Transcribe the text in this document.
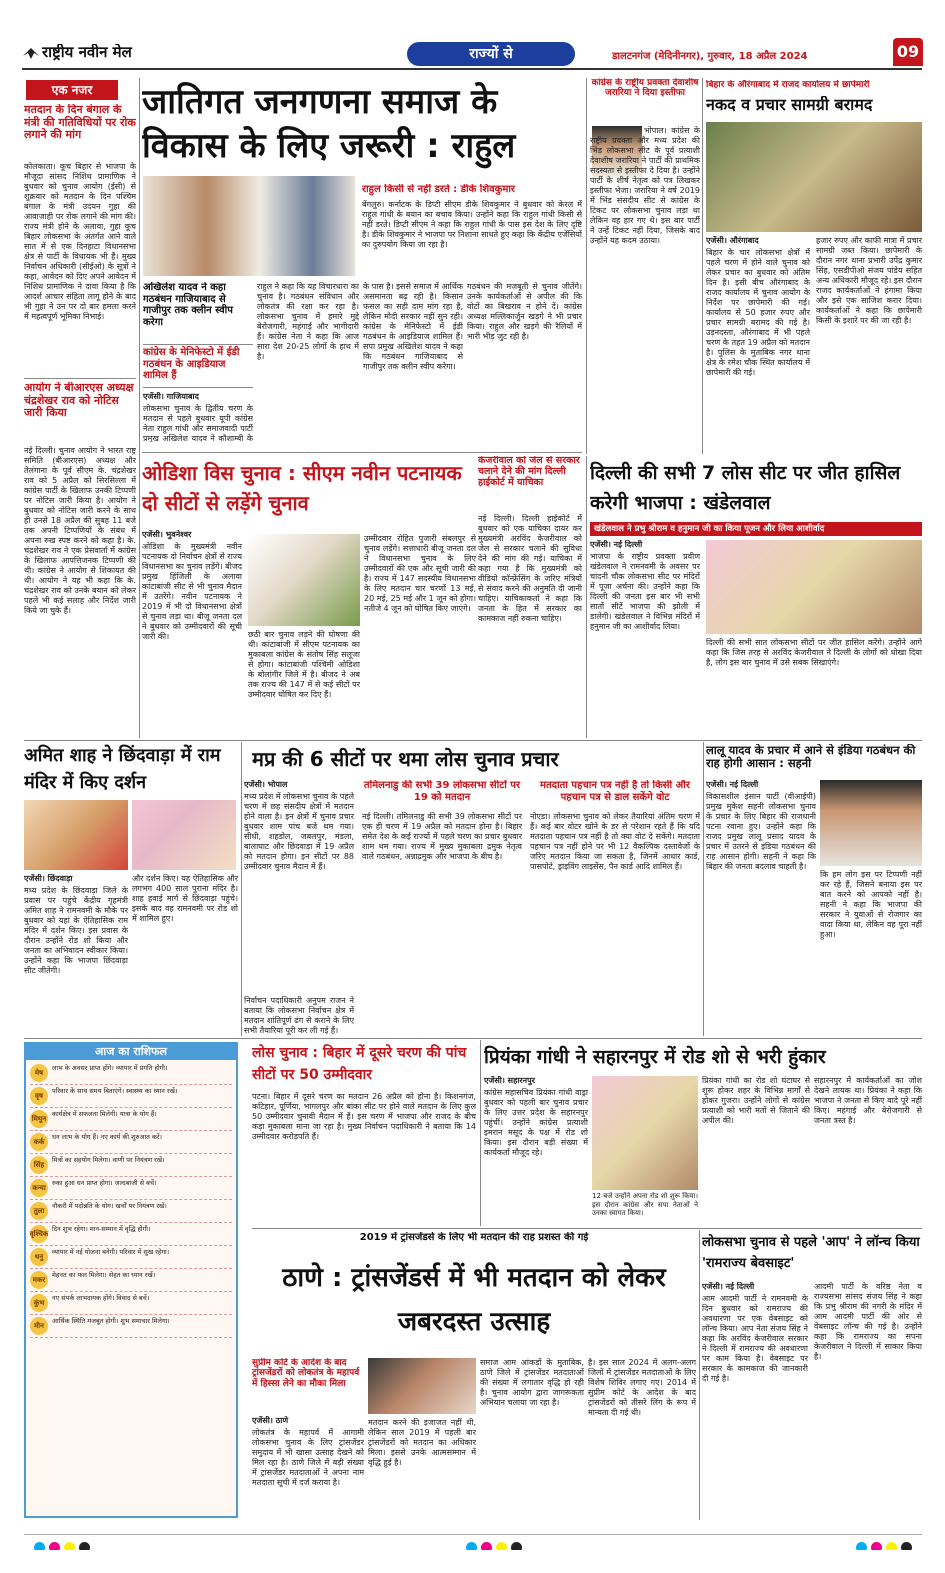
राष्ट्रीय नवीन मेल	राज्यों से	डालटनगंज (मेदिनीनगर), गुरुवार, 18 अप्रैल 2024	09
एक नजर
मतदान के दिन बंगाल के मंत्री की गतिविधियों पर रोक लगाने की मांग
कोलकाता। कूच बिहार से भाजपा के मौजूदा सांसद निशिथ प्रामाणिक ने बुधवार को चुनाव आयोग (ईसी) से शुक्रवार को मतदान के दिन पश्चिम बंगाल के मंत्री उदयन गुहा की आवाजाही पर रोक लगाने की मांग की। राज्य मंत्री होने के अलावा, गुहा कूच बिहार लोकसभा के अंतर्गत आने वाले सात में से एक दिनहाटा विधानसभा क्षेत्र से पार्टी के विधायक भी हैं। मुख्य निर्वाचन अधिकारी (सीईओ) के सूत्रों ने कहा, आवेदन को दिए अपने आवेदन में निशिथ प्रामाणिक ने दावा किया है कि आदर्श आचार संहिता लागू होने के बाद भी गुहा ने उन पर दो बार हमला करने में महत्वपूर्ण भूमिका निभाई।
आयोग ने बीआरएस अध्यक्ष चंद्रशेखर राव को नोटिस जारी किया
नई दिल्ली। चुनाव आयोग ने भारत राष्ट्र समिति (बीआरएस) अध्यक्ष और तेलंगाना के पूर्व सीएम के. चंद्रशेखर राव को 5 अप्रैल को सिरसिल्ला में कांग्रेस पार्टी के खिलाफ उनकी टिप्पणी पर नोटिस जारी किया है। आयोग ने बुधवार को नोटिस जारी करने के साथ ही उनसे 18 अप्रैल की सुबह 11 बजे तक अपनी टिप्पणियों के संबंध में अपना रुख स्पष्ट करने को कहा है। के. चंद्रशेखर राव ने एक प्रेसवार्ता में कांग्रेस के खिलाफ आपत्तिजनक टिप्पणी की थी। कांग्रेस ने आयोग से शिकायत की थी। आयोग ने यह भी कहा कि के. चंद्रशेखर राव को उनके बयान को लेकर पहले भी कई सलाह और निर्देश जारी किये जा चुके हैं।
जातिगत जनगणना समाज के विकास के लिए जरूरी : राहुल
अखिलेश यादव ने कहा गठबंधन गाजियाबाद से गाजीपुर तक क्लीन स्वीप करेगा
कांग्रेस के मेनिफेस्टो में ईडी गठबंधन के आइडियाज शामिल हैं
एजेंसी। गाजियाबाद
लोकसभा चुनाव के द्वितीय चरण के मतदान से पहले बुधवार यूपी कांग्रेस नेता राहुल गांधी और समाजवादी पार्टी प्रमुख अखिलेश यादव ने कौशाम्बी के
राहुल ने कहा कि यह विचारधारा का चुनाव है। गठबंधन संविधान और लोकतंत्र की रक्षा कर रहा है। लोकसभा चुनाव में हमारे मुद्दे बेरोजगारी, महंगाई और भागीदारी हैं। कांग्रेस नेता ने कहा कि आज सारा देश 20-25 लोगों के हाथ में है।
के पास है। इससे समाज में आर्थिक असमानता बढ़ रही है। किसान फसल का सही दाम मांग रहा है, लेकिन मोदी सरकार नहीं सुन रही। कांग्रेस के मेनिफेस्टो में ईडी गठबंधन के आइडियाज शामिल हैं। सपा प्रमुख अखिलेश यादव ने कहा कि गठबंधन गाजियाबाद से गाजीपुर तक क्लीन स्वीप करेगा।
राहुल किसी से नहीं डरते : डीके शिवकुमार
बेंगलुरु। कर्नाटक के डिप्टी सीएम डीके शिवकुमार ने बुधवार को केरल में राहुल गांधी के बयान का बचाव किया। उन्होंने कहा कि राहुल गांधी किसी से नहीं डरते। डिप्टी सीएम ने कहा कि राहुल गांधी के पास इस देश के लिए दृष्टि है। डीके शिवकुमार ने भाजपा पर निशाना साधते हुए कहा कि केंद्रीय एजेंसियों का दुरुपयोग किया जा रहा है।
गठबंधन की मजबूती से चुनाव जीतेंगे। उनके कार्यकर्ताओं से अपील की कि वोटों का बिखराव न होने दें। कांग्रेस अध्यक्ष मल्लिकार्जुन खड़गे ने भी प्रचार किया। राहुल और खड़गे की रैलियों में भारी भीड़ जुट रही है।
कांग्रेस के राष्ट्रीय प्रवक्ता देवाशीष जरारिया ने दिया इस्तीफा
भोपाल। कांग्रेस के राष्ट्रीय प्रवक्ता और मध्य प्रदेश की भिंड लोकसभा सीट के पूर्व प्रत्याशी देवाशीष जरारिया ने पार्टी की प्राथमिक सदस्यता से इस्तीफा दे दिया है। उन्होंने पार्टी के शीर्ष नेतृत्व को पत्र लिखकर इस्तीफा भेजा। जरारिया ने वर्ष 2019 में भिंड संसदीय सीट से कांग्रेस के टिकट पर लोकसभा चुनाव लड़ा था लेकिन वह हार गए थे। इस बार पार्टी ने उन्हें टिकट नहीं दिया, जिसके बाद उन्होंने यह कदम उठाया।
बिहार के औरंगाबाद में राजद कार्यालय में छापेमारी
नकद व प्रचार सामग्री बरामद
एजेंसी। औरंगाबाद
बिहार के चार लोकसभा क्षेत्रों में पहले चरण में होने वाले चुनाव को लेकर प्रचार का बुधवार को अंतिम दिन है। इसी बीच औरंगाबाद के राजद कार्यालय में चुनाव आयोग के निर्देश पर छापेमारी की गई। कार्यालय से 50 हजार रुपए और प्रचार सामग्री बरामद की गई है। उड़नदस्ता, औरंगाबाद में भी पहले चरण के तहत 19 अप्रैल को मतदान है। पुलिस के मुताबिक नगर थाना क्षेत्र के रमेश चौक स्थित कार्यालय में छापेमारी की गई।
हजार रुपए और काफी मात्रा में प्रचार सामग्री जब्त किया। छापेमारी के दौरान नगर थाना प्रभारी उपेंद्र कुमार सिंह, एसडीपीओ संजय पांडेय सहित अन्य अधिकारी मौजूद रहे। इस दौरान राजद कार्यकर्ताओं ने हंगामा किया और इसे एक साजिश करार दिया। कार्यकर्ताओं ने कहा कि छापेमारी किसी के इशारे पर की जा रही है।
ओडिशा विस चुनाव : सीएम नवीन पटनायक दो सीटों से लड़ेंगे चुनाव
एजेंसी। भुवनेश्वर
ओडिशा के मुख्यमंत्री नवीन पटनायक दो निर्वाचन क्षेत्रों से राज्य विधानसभा का चुनाव लड़ेंगे। बीजद प्रमुख हिंजिली के अलावा कांटाबांजी सीट से भी चुनाव मैदान में उतरेंगे। नवीन पटनायक ने 2019 में भी दो विधानसभा क्षेत्रों से चुनाव लड़ा था। बीजू जनता दल ने बुधवार को उम्मीदवारों की सूची जारी की।	छठी बार चुनाव लड़ने की घोषणा की थी। कांटाबांजी में सीएम पटनायक का मुकाबला कांग्रेस के संतोष सिंह सलूजा से होगा। कांटाबांजी पश्चिमी ओडिशा के बोलांगीर जिले में है। बीजद ने अब तक राज्य की 147 में से कई सीटों पर उम्मीदवार घोषित कर दिए हैं।
उम्मीदवार रोहित पुजारी संबलपुर से चुनाव लड़ेंगे। सत्ताधारी बीजू जनता दल ने विधानसभा चुनाव के लिए उम्मीदवारों की एक और सूची जारी की है। राज्य में 147 सदस्यीय विधानसभा के लिए मतदान चार चरणों 13 मई, 20 मई, 25 मई और 1 जून को होगा। नतीजे 4 जून को घोषित किए जाएंगे।
केजरीवाल को जेल से सरकार चलाने देने की मांग दिल्ली हाईकोर्ट में याचिका
नई दिल्ली। दिल्ली हाईकोर्ट में बुधवार को एक याचिका दायर कर मुख्यमंत्री अरविंद केजरीवाल को जेल से सरकार चलाने की सुविधा देने की मांग की गई। याचिका में कहा गया है कि मुख्यमंत्री को वीडियो कॉन्फ्रेंसिंग के जरिए मंत्रियों से संवाद करने की अनुमति दी जानी चाहिए। याचिकाकर्ता ने कहा कि जनता के हित में सरकार का कामकाज नहीं रुकना चाहिए।
दिल्ली की सभी 7 लोस सीट पर जीत हासिल करेगी भाजपा : खंडेलवाल
खंडेलवाल ने प्रभु श्रीराम व हनुमान जी का किया पूजन और लिया आशीर्वाद
एजेंसी। नई दिल्ली
भाजपा के राष्ट्रीय प्रवक्ता प्रवीण खंडेलवाल ने रामनवमी के अवसर पर चांदनी चौक लोकसभा सीट पर मंदिरों में पूजा अर्चना की। उन्होंने कहा कि दिल्ली की जनता इस बार भी सभी सातों सीटें भाजपा की झोली में डालेगी। खंडेलवाल ने विभिन्न मंदिरों में हनुमान जी का आशीर्वाद लिया।
दिल्ली की सभी सात लोकसभा सीटों पर जीत हासिल करेंगे। उन्होंने आगे कहा कि जिस तरह से अरविंद केजरीवाल ने दिल्ली के लोगों को धोखा दिया है, लोग इस बार चुनाव में उसे सबक सिखाएंगे।
अमित शाह ने छिंदवाड़ा में राम मंदिर में किए दर्शन
एजेंसी। छिंदवाड़ा
मध्य प्रदेश के छिंदवाड़ा जिले के प्रवास पर पहुंचे केंद्रीय गृहमंत्री अमित शाह ने रामनवमी के मौके पर बुधवार को यहां के ऐतिहासिक राम मंदिर में दर्शन किए। इस प्रवास के दौरान उन्होंने रोड शो किया और जनता का अभिवादन स्वीकार किया। उन्होंने कहा कि भाजपा छिंदवाड़ा सीट जीतेगी।
और दर्शन किए। यह ऐतिहासिक और लगभग 400 साल पुराना मंदिर है। शाह हवाई मार्ग से छिंदवाड़ा पहुंचे। इसके बाद वह रामनवमी पर रोड शो में शामिल हुए।
मप्र की 6 सीटों पर थमा लोस चुनाव प्रचार
एजेंसी। भोपाल
मध्य प्रदेश में लोकसभा चुनाव के पहले चरण में छह संसदीय क्षेत्रों में मतदान होने वाला है। इन क्षेत्रों में चुनाव प्रचार बुधवार शाम पांच बजे थम गया। सीधी, शहडोल, जबलपुर, मंडला, बालाघाट और छिंदवाड़ा में 19 अप्रैल को मतदान होगा। इन सीटों पर 88 उम्मीदवार चुनाव मैदान में हैं।
निर्वाचन पदाधिकारी अनुपम राजन ने बताया कि लोकसभा निर्वाचन क्षेत्र में मतदान शांतिपूर्ण ढंग से कराने के लिए सभी तैयारियां पूरी कर ली गई हैं।
तमिलनाडु की सभी 39 लोकसभा सीटों पर 19 को मतदान
नई दिल्ली। तमिलनाडु की सभी 39 लोकसभा सीटों पर एक ही चरण में 19 अप्रैल को मतदान होना है। बिहार समेत देश के कई राज्यों में पहले चरण का प्रचार बुधवार शाम थम गया। राज्य में मुख्य मुकाबला द्रमुक नेतृत्व वाले गठबंधन, अन्नाद्रमुक और भाजपा के बीच है।
मतदाता पहचान पत्र नहीं है तो किसी और पहचान पत्र से डाल सकेंगे वोट
नोएडा। लोकसभा चुनाव को लेकर तैयारियां अंतिम चरण में हैं। कई बार वोटर खोने के डर से परेशान रहते हैं कि यदि मतदाता पहचान पत्र नहीं है तो क्या वोट दे सकेंगे। मतदाता पहचान पत्र नहीं होने पर भी 12 वैकल्पिक दस्तावेजों के जरिए मतदान किया जा सकता है, जिनमें आधार कार्ड, पासपोर्ट, ड्राइविंग लाइसेंस, पैन कार्ड आदि शामिल हैं।
लालू यादव के प्रचार में आने से इंडिया गठबंधन की राह होगी आसान : सहनी
एजेंसी। नई दिल्ली
विकासशील इंसान पार्टी (वीआईपी) प्रमुख मुकेश सहनी लोकसभा चुनाव के प्रचार के लिए बिहार की राजधानी पटना रवाना हुए। उन्होंने कहा कि राजद प्रमुख लालू प्रसाद यादव के प्रचार में उतरने से इंडिया गठबंधन की राह आसान होगी। सहनी ने कहा कि बिहार की जनता बदलाव चाहती है।
कि हम लोग इस पर टिप्पणी नहीं कर रहे हैं, जिसने बनाया इस पर बात करने को आपको नहीं है। सहनी ने कहा कि भाजपा की सरकार ने युवाओं से रोजगार का वादा किया था, लेकिन वह पूरा नहीं हुआ।
आज का राशिफल
मेष
लाभ के अवसर प्राप्त होंगे। व्यापार में प्रगति होगी।
वृष
परिवार के साथ समय बिताएंगे। स्वास्थ्य का ध्यान रखें।
मिथुन
कार्यक्षेत्र में सफलता मिलेगी। यात्रा के योग हैं।
कर्क
धन लाभ के योग हैं। नए कार्य की शुरुआत करें।
सिंह
मित्रों का सहयोग मिलेगा। वाणी पर नियंत्रण रखें।
कन्या
रुका हुआ धन प्राप्त होगा। जल्दबाजी से बचें।
तुला
नौकरी में पदोन्नति के योग। खर्चों पर नियंत्रण रखें।
वृश्चिक
दिन शुभ रहेगा। मान-सम्मान में वृद्धि होगी।
धनु
व्यापार में नई योजना बनेगी। परिवार में सुख रहेगा।
मकर
मेहनत का फल मिलेगा। सेहत का ध्यान रखें।
कुंभ
नए संपर्क लाभदायक होंगे। विवाद से बचें।
मीन
आर्थिक स्थिति मजबूत होगी। शुभ समाचार मिलेगा।
लोस चुनाव : बिहार में दूसरे चरण की पांच सीटों पर 50 उम्मीदवार
पटना। बिहार में दूसरे चरण का मतदान 26 अप्रैल को होना है। किशनगंज, कटिहार, पूर्णिया, भागलपुर और बांका सीट पर होने वाले मतदान के लिए कुल 50 उम्मीदवार चुनावी मैदान में हैं। इस चरण में भाजपा और राजद के बीच कड़ा मुकाबला माना जा रहा है। मुख्य निर्वाचन पदाधिकारी ने बताया कि 14 उम्मीदवार करोड़पति हैं।
प्रियंका गांधी ने सहारनपुर में रोड शो से भरी हुंकार
एजेंसी। सहारनपुर
कांग्रेस महासचिव प्रियंका गांधी वाड्रा बुधवार को पहली बार चुनाव प्रचार के लिए उत्तर प्रदेश के सहारनपुर पहुंचीं। उन्होंने कांग्रेस प्रत्याशी इमरान मसूद के पक्ष में रोड शो किया। इस दौरान बड़ी संख्या में कार्यकर्ता मौजूद रहे।
12 बजे उन्होंने अपना रोड शो शुरू किया। इस दौरान कांग्रेस और सपा नेताओं ने उनका स्वागत किया।
प्रियंका गांधी का रोड शो घंटाघर से शुरू होकर शहर के विभिन्न मार्गों से होकर गुजरा। उन्होंने लोगों से कांग्रेस प्रत्याशी को भारी मतों से जिताने की अपील की।
सहारनपुर में कार्यकर्ताओं का जोश देखने लायक था। प्रियंका ने कहा कि भाजपा ने जनता से किए वादे पूरे नहीं किए। महंगाई और बेरोजगारी से जनता त्रस्त है।
2019 में ट्रांसजेंडर्स के लिए भी मतदान की राह प्रशस्त की गई	लोकसभा चुनाव से पहले 'आप' ने लॉन्च किया 'रामराज्य बेवसाइट'
एजेंसी। नई दिल्ली
आम आदमी पार्टी ने रामनवमी के दिन बुधवार को रामराज्य की अवधारणा पर एक वेबसाइट को लॉन्च किया। आप नेता संजय सिंह ने कहा कि अरविंद केजरीवाल सरकार ने दिल्ली में रामराज्य की अवधारणा पर काम किया है। वेबसाइट पर सरकार के कामकाज की जानकारी दी गई है।
आदमी पार्टी के वरिष्ठ नेता व राज्यसभा सांसद संजय सिंह ने कहा कि प्रभु श्रीराम की नगरी के मंदिर में आम आदमी पार्टी की ओर से वेबसाइट लॉन्च की गई है। उन्होंने कहा कि रामराज्य का सपना केजरीवाल ने दिल्ली में साकार किया है।
ठाणे : ट्रांसजेंडर्स में भी मतदान को लेकर जबरदस्त उत्साह
सुप्रीम कोर्ट के आदेश के बाद ट्रांसजेंडरों को लोकतंत्र के महापर्व में हिस्सा लेने का मौका मिला
एजेंसी। ठाणे
लोकतंत्र के महापर्व में आगामी लोकसभा चुनाव के लिए ट्रांसजेंडर समुदाय में भी खासा उत्साह देखने को मिल रहा है। ठाणे जिले में बड़ी संख्या में ट्रांसजेंडर मतदाताओं ने अपना नाम मतदाता सूची में दर्ज कराया है।
मतदान करने की इजाजत नहीं थी, लेकिन साल 2019 में पहली बार ट्रांसजेंडरों को मतदान का अधिकार मिला। इससे उनके आत्मसम्मान में वृद्धि हुई है।
समाज आम आंकड़ों के मुताबिक, ठाणे जिले में ट्रांसजेंडर मतदाताओं की संख्या में लगातार वृद्धि हो रही है। चुनाव आयोग द्वारा जागरूकता अभियान चलाया जा रहा है।
है। इस साल 2024 में अलग-अलग जिलों में ट्रांसजेंडर मतदाताओं के लिए विशेष शिविर लगाए गए। 2014 में सुप्रीम कोर्ट के आदेश के बाद ट्रांसजेंडरों को तीसरे लिंग के रूप में मान्यता दी गई थी।
